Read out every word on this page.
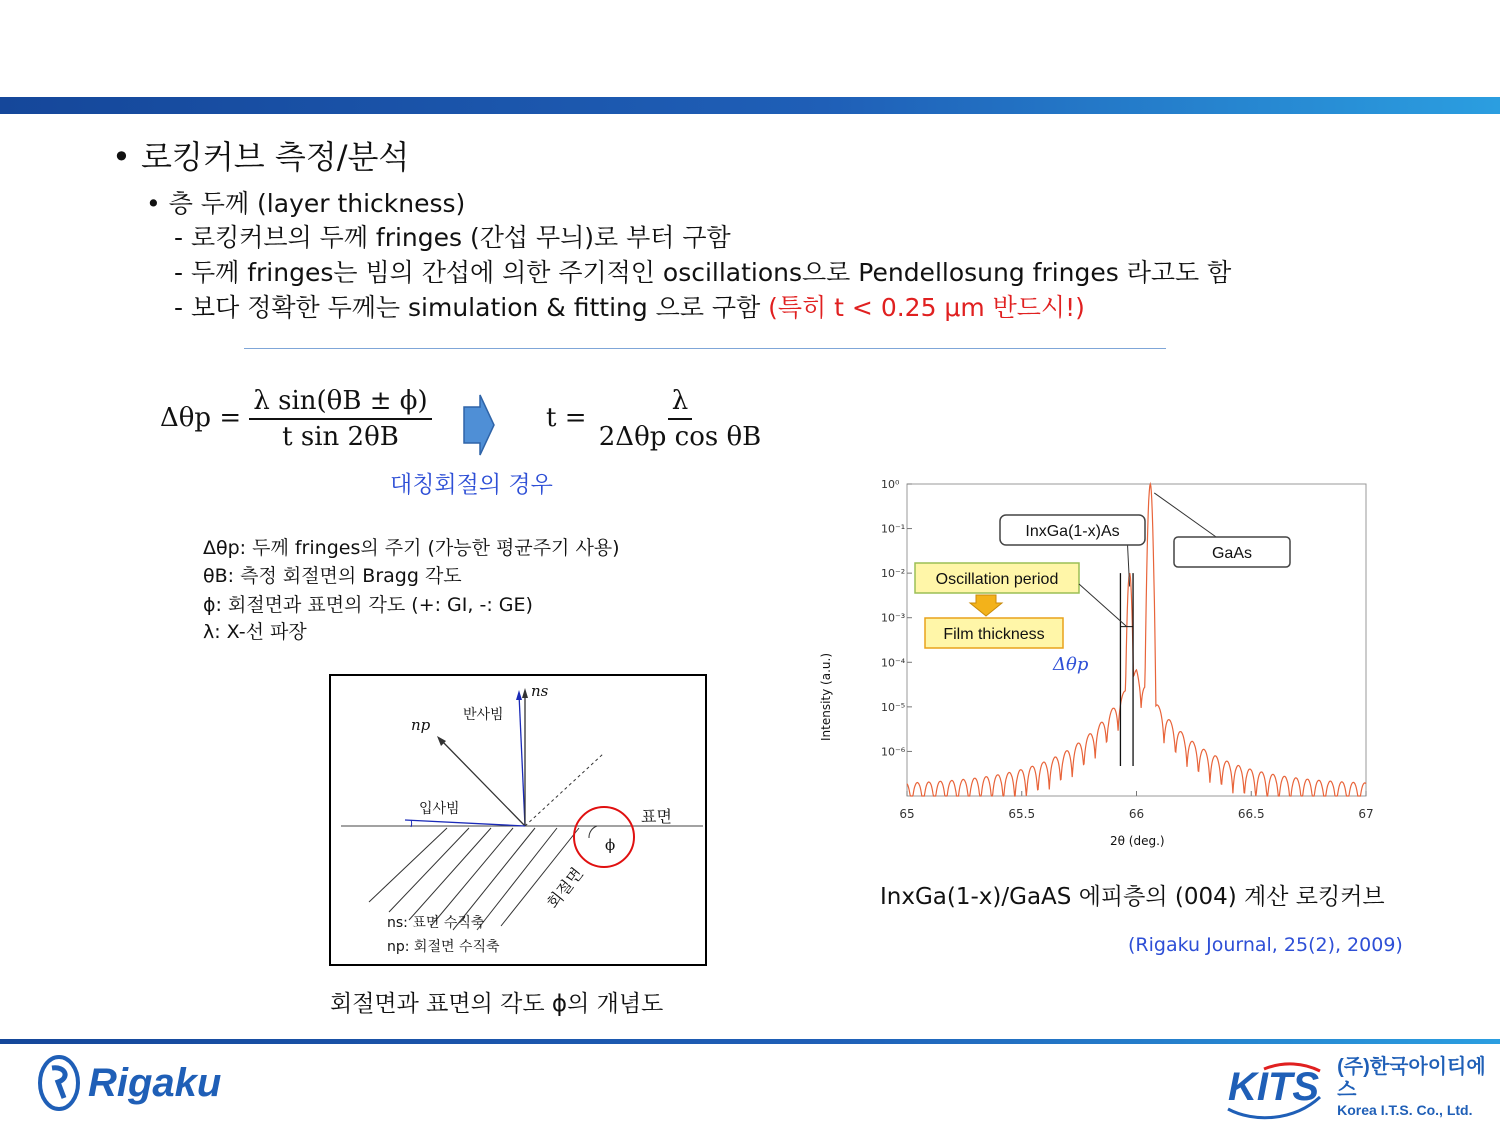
• 로킹커브 측정/분석
• 층 두께 (layer thickness)
- 로킹커브의 두께 fringes (간섭 무늬)로 부터 구함
- 두께 fringes는 빔의 간섭에 의한 주기적인 oscillations으로 Pendellosung fringes 라고도 함
- 보다 정확한 두께는 simulation & fitting 으로 구함 (특히 t < 0.25 μm 반드시!)
$\Delta\theta p = \frac{\text{λ sin(θB ± ϕ)}}{\text{t sin 2θB}}$	$t = \frac{\lambda}{\text{2Δθp cos θB}}$
대칭회절의 경우
Δθp: 두께 fringes의 주기 (가능한 평균주기 사용)
θB: 측정 회절면의 Bragg 각도
ϕ: 회절면과 표면의 각도 (+: GI, -: GE)
λ: X-선 파장
ns
np
반사빔
입사빔	표면
ϕ
회절면
ns: 표면 수직축
np: 회절면 수직축
회절면과 표면의 각도 ϕ의 개념도
65	65.5	66	66.5	67
10⁰
10⁻¹
10⁻²
10⁻³
10⁻⁴
10⁻⁵
10⁻⁶
InxGa(1-x)As
GaAs
Oscillation period
Film thickness
Δθp
Intensity (a.u.)
2θ (deg.)
InxGa(1-x)/GaAS 에피층의 (004) 계산 로킹커브
(Rigaku Journal, 25(2), 2009)
Rigaku	KITS (주)한국아이티에스
Korea I.T.S. Co., Ltd.
